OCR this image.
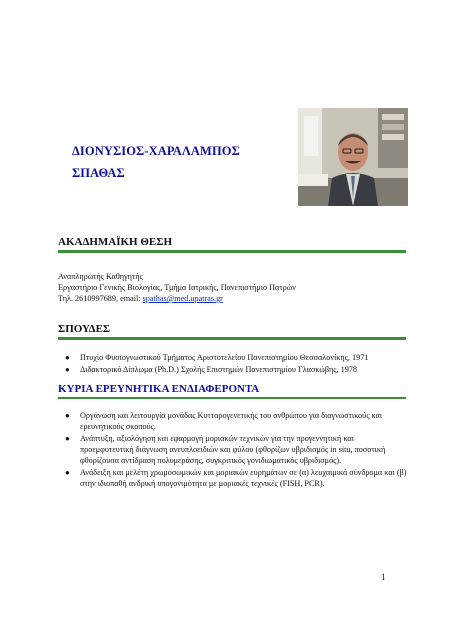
ΔΙΟΝΥΣΙΟΣ-ΧΑΡΑΛΑΜΠΟΣ
ΣΠΑΘΑΣ
ΑΚΑΔΗΜΑΪΚΗ ΘΕΣΗ
Αναπληρωτής Καθηγητής
Εργαστήριο Γενικής Βιολογίας, Τμήμα Ιατρικής, Πανεπιστήμιο Πατρών
Τηλ. 2610997689, email: spathas@med.upatras.gr
ΣΠΟΥΔΕΣ
● Πτυχίο Φυσιογνωστικού Τμήματος Αριστοτελείου Πανεπιστημίου Θεσσαλονίκης, 1971
● Διδακτορικό Δίπλωμα (Ph.D.) Σχολής Επιστημών Πανεπιστημίου Γλασκώβης, 1978
ΚΥΡΙΑ ΕΡΕΥΝΗΤΙΚΑ ΕΝΔΙΑΦΕΡΟΝΤΑ
● Οργάνωση και λειτουργία μονάδας Κυτταρογενετικής του ανθρώπου για διαγνωστικούς και ερευνητικούς σκοπούς.
● Ανάπτυξη, αξιολόγηση και εφαρμογή μοριακών τεχνικών για την προγεννητική και προεμφυτευτική διάγνωση ανευπλοειδιών και φύλου (φθορίζων υβριδισμός in situ, ποσοτική φθορίζουσα αντίδραση πολυμεράσης, συγκριτικός γονιδιωματικός υβριδισμός).
● Ανάδειξη και μελέτη χρωμοσωμικών και μοριακών ευρημάτων σε (α) λευχαιμικά σύνδρομα και (β) στην ιδιοπαθή ανδρική υπογονιμότητα με μοριακές τεχνικές (FISH, PCR).
1
